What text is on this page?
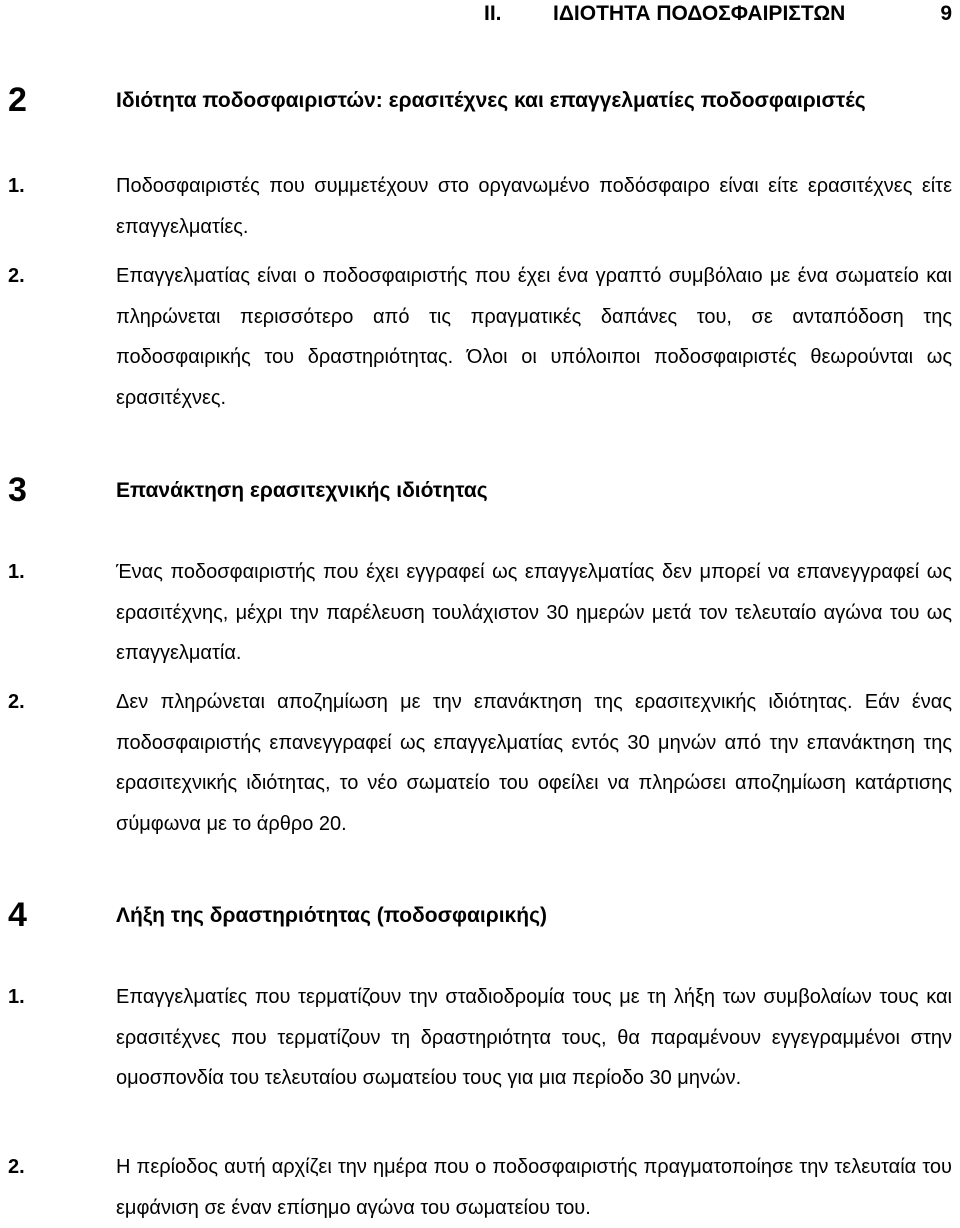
II. ΙΔΙΟΤΗΤΑ ΠΟΔΟΣΦΑΙΡΙΣΤΩΝ	9
2	Ιδιότητα ποδοσφαιριστών: ερασιτέχνες και επαγγελματίες ποδοσφαιριστές
1.	Ποδοσφαιριστές που συμμετέχουν στο οργανωμένο ποδόσφαιρο είναι είτε ερασιτέχνες είτε επαγγελματίες.
2.	Επαγγελματίας είναι ο ποδοσφαιριστής που έχει ένα γραπτό συμβόλαιο με ένα σωματείο και πληρώνεται περισσότερο από τις πραγματικές δαπάνες του, σε ανταπόδοση της ποδοσφαιρικής του δραστηριότητας. Όλοι οι υπόλοιποι ποδοσφαιριστές θεωρούνται ως ερασιτέχνες.
3	Επανάκτηση ερασιτεχνικής ιδιότητας
1.	Ένας ποδοσφαιριστής που έχει εγγραφεί ως επαγγελματίας δεν μπορεί να επανεγγραφεί ως ερασιτέχνης, μέχρι την παρέλευση τουλάχιστον 30 ημερών μετά τον τελευταίο αγώνα του ως επαγγελματία.
2.	Δεν πληρώνεται αποζημίωση με την επανάκτηση της ερασιτεχνικής ιδιότητας. Εάν ένας ποδοσφαιριστής επανεγγραφεί ως επαγγελματίας εντός 30 μηνών από την επανάκτηση της ερασιτεχνικής ιδιότητας, το νέο σωματείο του οφείλει να πληρώσει αποζημίωση κατάρτισης σύμφωνα με το άρθρο 20.
4	Λήξη της δραστηριότητας (ποδοσφαιρικής)
1.	Επαγγελματίες που τερματίζουν την σταδιοδρομία τους με τη λήξη των συμβολαίων τους και ερασιτέχνες που τερματίζουν τη δραστηριότητα τους, θα παραμένουν εγγεγραμμένοι στην ομοσπονδία του τελευταίου σωματείου τους για μια περίοδο 30 μηνών.
2.	Η περίοδος αυτή αρχίζει την ημέρα που ο ποδοσφαιριστής πραγματοποίησε την τελευταία του εμφάνιση σε έναν επίσημο αγώνα του σωματείου του.
